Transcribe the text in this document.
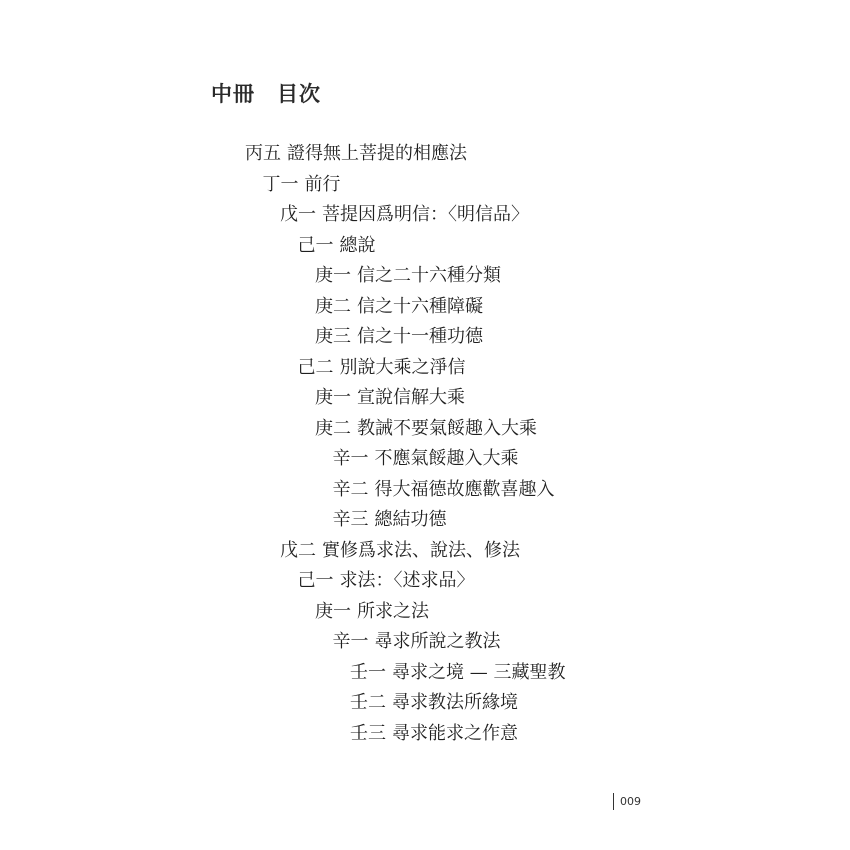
中冊　目次
丙五 證得無上菩提的相應法
丁一 前行
戊一 菩提因爲明信：〈明信品〉
己一 總說
庚一 信之二十六種分類
庚二 信之十六種障礙
庚三 信之十一種功德
己二 別說大乘之淨信
庚一 宣說信解大乘
庚二 教誡不要氣餒趣入大乘
辛一 不應氣餒趣入大乘
辛二 得大福德故應歡喜趣入
辛三 總結功德
戊二 實修爲求法、說法、修法
己一 求法：〈述求品〉
庚一 所求之法
辛一 尋求所說之教法
壬一 尋求之境 — 三藏聖教
壬二 尋求教法所緣境
壬三 尋求能求之作意
009
